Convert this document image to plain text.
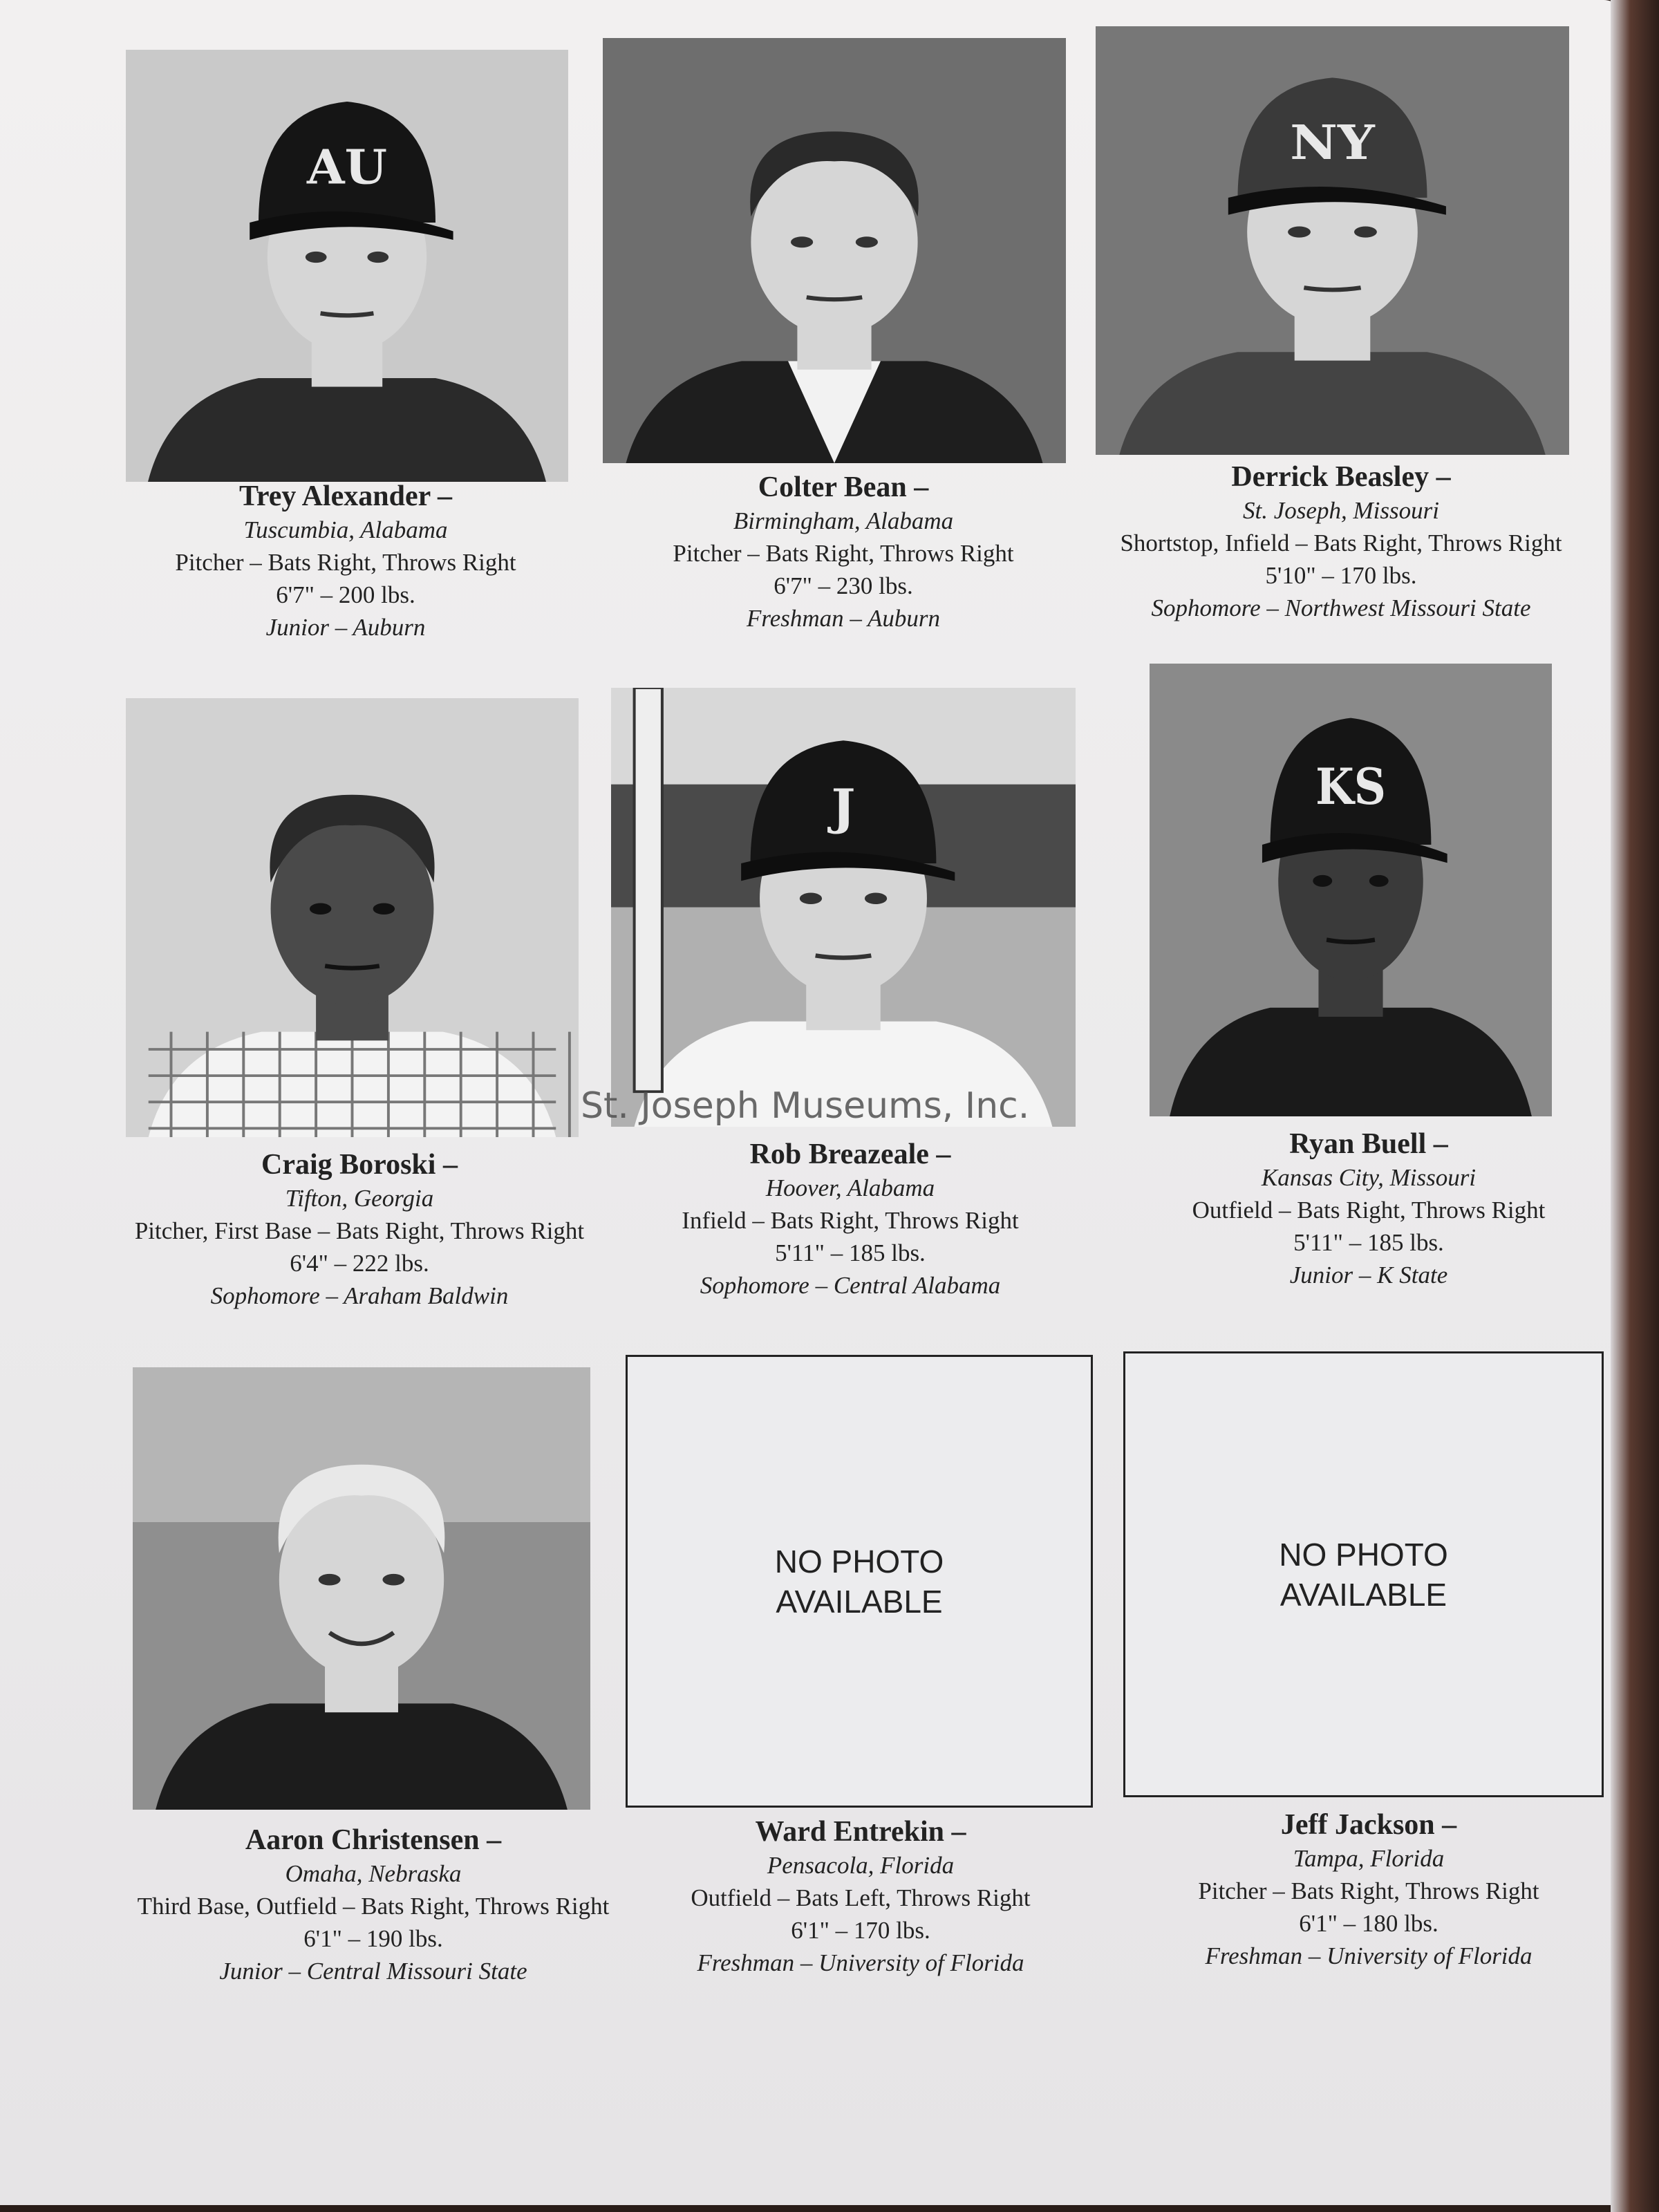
AU
Trey Alexander –
Tuscumbia, Alabama
Pitcher – Bats Right, Throws Right
6'7" – 200 lbs.
Junior – Auburn
Colter Bean –
Birmingham, Alabama
Pitcher – Bats Right, Throws Right
6'7" – 230 lbs.
Freshman – Auburn
NY
Derrick Beasley –
St. Joseph, Missouri
Shortstop, Infield – Bats Right, Throws Right
5'10" – 170 lbs.
Sophomore – Northwest Missouri State
Craig Boroski –
Tifton, Georgia
Pitcher, First Base – Bats Right, Throws Right
6'4" – 222 lbs.
Sophomore – Araham Baldwin
J
Rob Breazeale –
Hoover, Alabama
Infield – Bats Right, Throws Right
5'11" – 185 lbs.
Sophomore – Central Alabama
KS
Ryan Buell –
Kansas City, Missouri
Outfield – Bats Right, Throws Right
5'11" – 185 lbs.
Junior – K State
Aaron Christensen –
Omaha, Nebraska
Third Base, Outfield – Bats Right, Throws Right
6'1" – 190 lbs.
Junior – Central Missouri State
NO PHOTO
AVAILABLE
Ward Entrekin –
Pensacola, Florida
Outfield – Bats Left, Throws Right
6'1" – 170 lbs.
Freshman – University of Florida
NO PHOTO
AVAILABLE
Jeff Jackson –
Tampa, Florida
Pitcher – Bats Right, Throws Right
6'1" – 180 lbs.
Freshman – University of Florida
St. Joseph Museums, Inc.
